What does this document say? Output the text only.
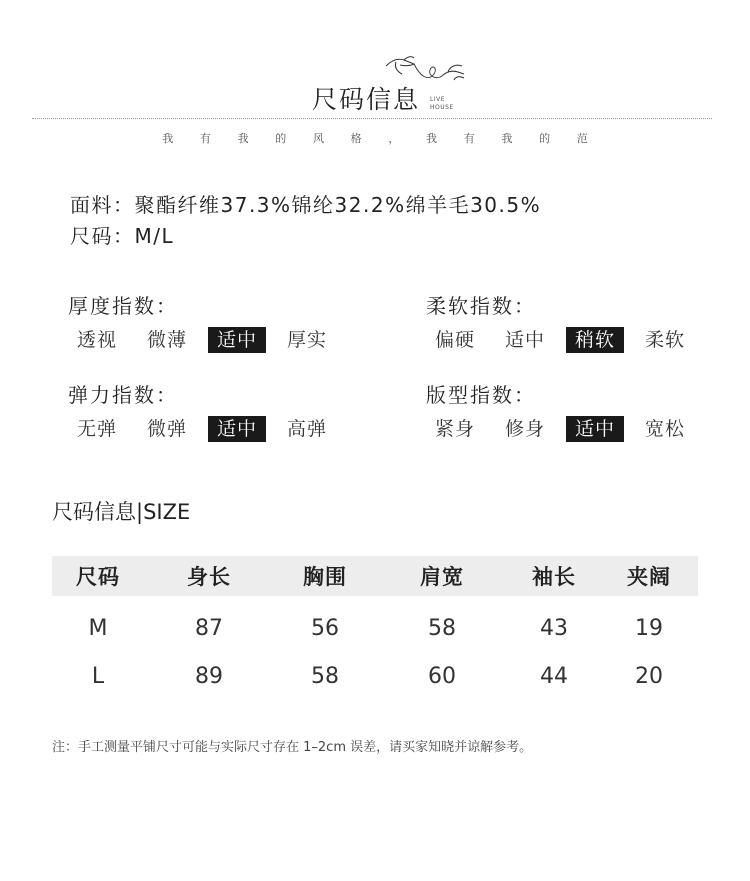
尺码信息 LIVE
HOUSE
我	有	我	的	风	格	，	我	有	我	的	范
面料：聚酯纤维37.3%锦纶32.2%绵羊毛30.5%
尺码：M/L
厚度指数：
透视	微薄	适中	厚实
柔软指数：
偏硬	适中	稍软	柔软
弹力指数：
无弹	微弹	适中	高弹
版型指数：
紧身	修身	适中	宽松
尺码信息|SIZE
尺码	身长	胸围	肩宽	袖长	夹阔
M	87	56	58	43	19
L	89	58	60	44	20
注：手工测量平铺尺寸可能与实际尺寸存在 1–2cm 误差，请买家知晓并谅解参考。
